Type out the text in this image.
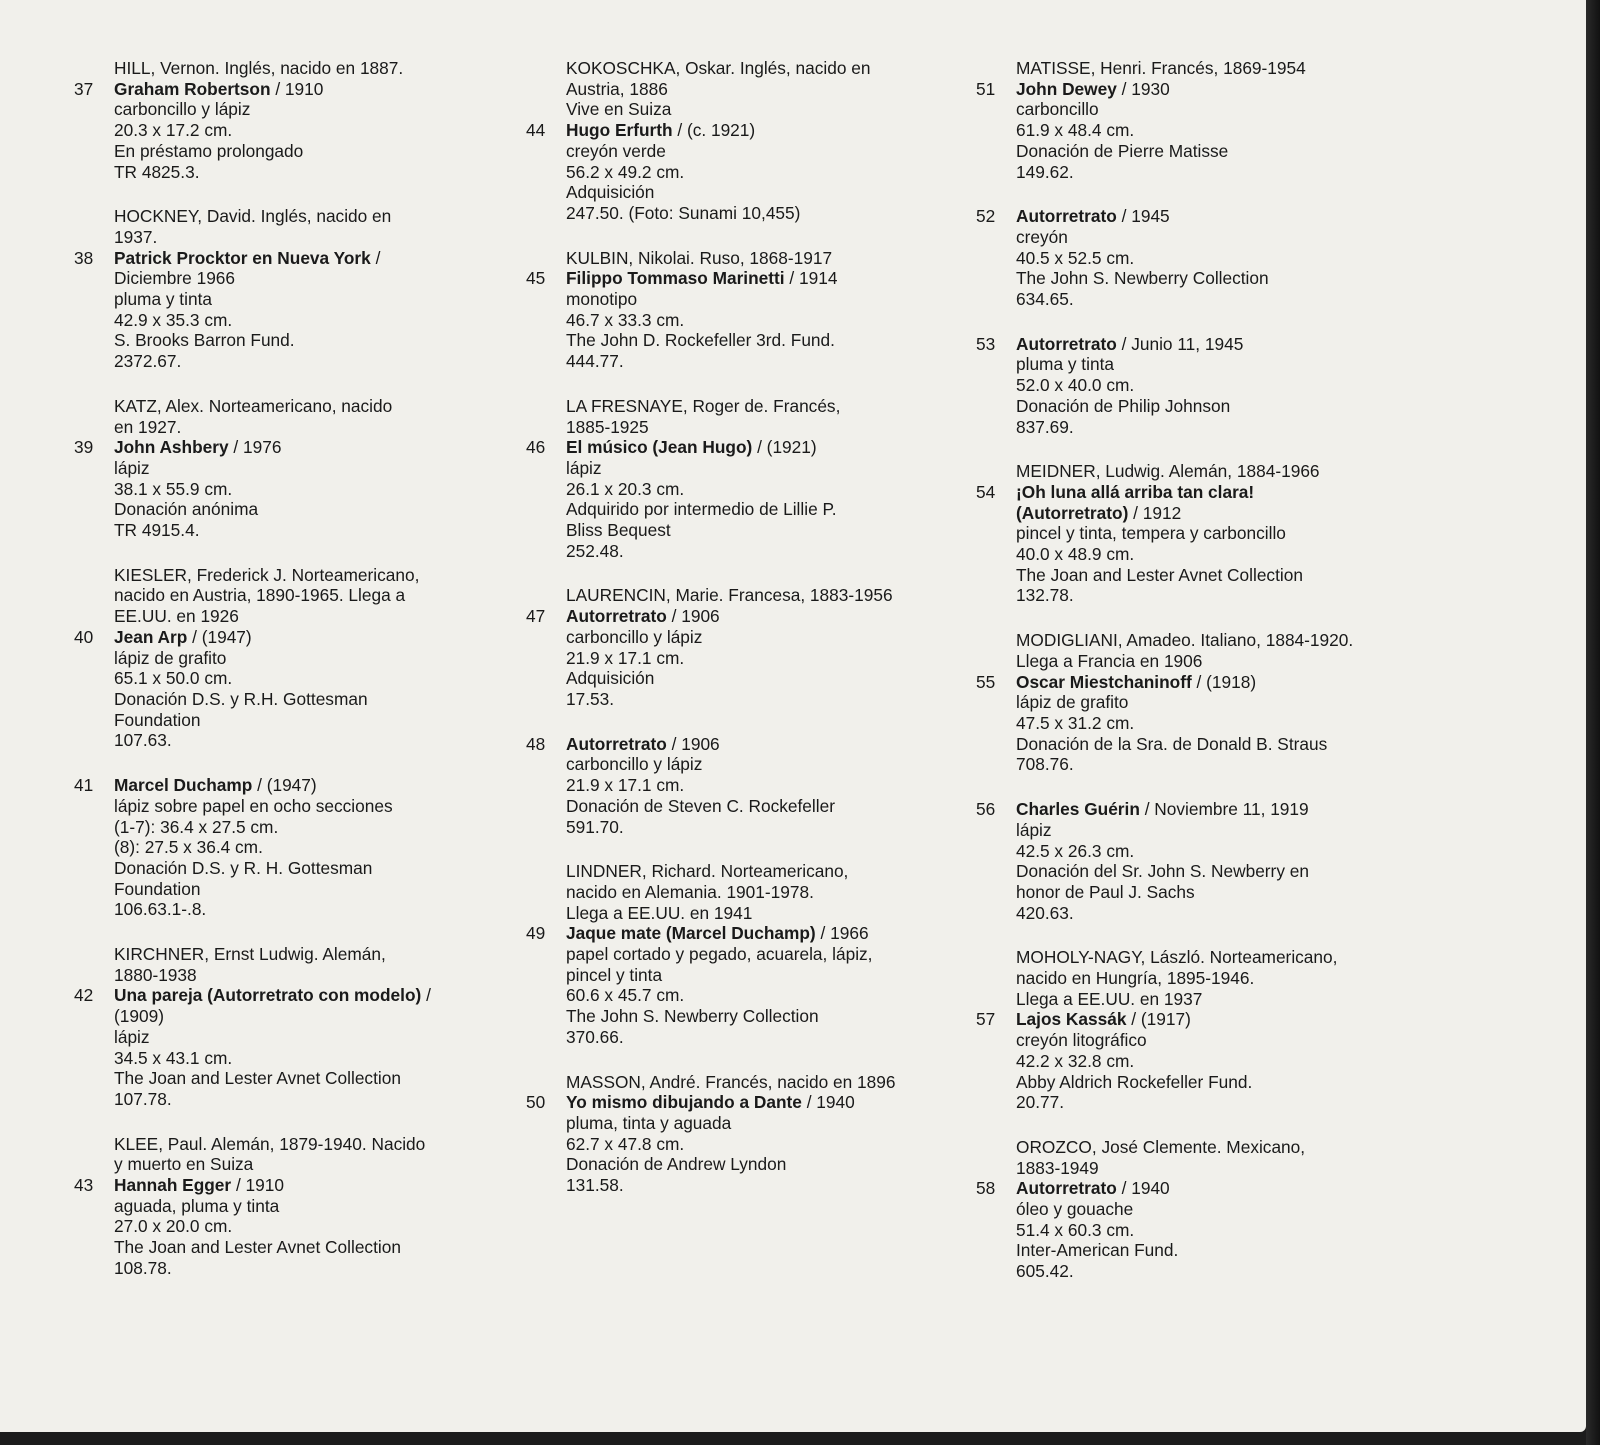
HILL, Vernon. Inglés, nacido en 1887.
37 Graham Robertson / 1910
carboncillo y lápiz
20.3 x 17.2 cm.
En préstamo prolongado
TR 4825.3.
HOCKNEY, David. Inglés, nacido en
1937.
38 Patrick Procktor en Nueva York /
Diciembre 1966
pluma y tinta
42.9 x 35.3 cm.
S. Brooks Barron Fund.
2372.67.
KATZ, Alex. Norteamericano, nacido
en 1927.
39 John Ashbery / 1976
lápiz
38.1 x 55.9 cm.
Donación anónima
TR 4915.4.
KIESLER, Frederick J. Norteamericano,
nacido en Austria, 1890-1965. Llega a
EE.UU. en 1926
40 Jean Arp / (1947)
lápiz de grafito
65.1 x 50.0 cm.
Donación D.S. y R.H. Gottesman
Foundation
107.63.
41 Marcel Duchamp / (1947)
lápiz sobre papel en ocho secciones
(1-7): 36.4 x 27.5 cm.
(8): 27.5 x 36.4 cm.
Donación D.S. y R. H. Gottesman
Foundation
106.63.1-.8.
KIRCHNER, Ernst Ludwig. Alemán,
1880-1938
42 Una pareja (Autorretrato con modelo) /
(1909)
lápiz
34.5 x 43.1 cm.
The Joan and Lester Avnet Collection
107.78.
KLEE, Paul. Alemán, 1879-1940. Nacido
y muerto en Suiza
43 Hannah Egger / 1910
aguada, pluma y tinta
27.0 x 20.0 cm.
The Joan and Lester Avnet Collection
108.78.
KOKOSCHKA, Oskar. Inglés, nacido en
Austria, 1886
Vive en Suiza
44 Hugo Erfurth / (c. 1921)
creyón verde
56.2 x 49.2 cm.
Adquisición
247.50. (Foto: Sunami 10,455)
KULBIN, Nikolai. Ruso, 1868-1917
45 Filippo Tommaso Marinetti / 1914
monotipo
46.7 x 33.3 cm.
The John D. Rockefeller 3rd. Fund.
444.77.
LA FRESNAYE, Roger de. Francés,
1885-1925
46 El músico (Jean Hugo) / (1921)
lápiz
26.1 x 20.3 cm.
Adquirido por intermedio de Lillie P.
Bliss Bequest
252.48.
LAURENCIN, Marie. Francesa, 1883-1956
47 Autorretrato / 1906
carboncillo y lápiz
21.9 x 17.1 cm.
Adquisición
17.53.
48 Autorretrato / 1906
carboncillo y lápiz
21.9 x 17.1 cm.
Donación de Steven C. Rockefeller
591.70.
LINDNER, Richard. Norteamericano,
nacido en Alemania. 1901-1978.
Llega a EE.UU. en 1941
49 Jaque mate (Marcel Duchamp) / 1966
papel cortado y pegado, acuarela, lápiz,
pincel y tinta
60.6 x 45.7 cm.
The John S. Newberry Collection
370.66.
MASSON, André. Francés, nacido en 1896
50 Yo mismo dibujando a Dante / 1940
pluma, tinta y aguada
62.7 x 47.8 cm.
Donación de Andrew Lyndon
131.58.
MATISSE, Henri. Francés, 1869-1954
51 John Dewey / 1930
carboncillo
61.9 x 48.4 cm.
Donación de Pierre Matisse
149.62.
52 Autorretrato / 1945
creyón
40.5 x 52.5 cm.
The John S. Newberry Collection
634.65.
53 Autorretrato / Junio 11, 1945
pluma y tinta
52.0 x 40.0 cm.
Donación de Philip Johnson
837.69.
MEIDNER, Ludwig. Alemán, 1884-1966
54 ¡Oh luna allá arriba tan clara!
(Autorretrato) / 1912
pincel y tinta, tempera y carboncillo
40.0 x 48.9 cm.
The Joan and Lester Avnet Collection
132.78.
MODIGLIANI, Amadeo. Italiano, 1884-1920.
Llega a Francia en 1906
55 Oscar Miestchaninoff / (1918)
lápiz de grafito
47.5 x 31.2 cm.
Donación de la Sra. de Donald B. Straus
708.76.
56 Charles Guérin / Noviembre 11, 1919
lápiz
42.5 x 26.3 cm.
Donación del Sr. John S. Newberry en
honor de Paul J. Sachs
420.63.
MOHOLY-NAGY, László. Norteamericano,
nacido en Hungría, 1895-1946.
Llega a EE.UU. en 1937
57 Lajos Kassák / (1917)
creyón litográfico
42.2 x 32.8 cm.
Abby Aldrich Rockefeller Fund.
20.77.
OROZCO, José Clemente. Mexicano,
1883-1949
58 Autorretrato / 1940
óleo y gouache
51.4 x 60.3 cm.
Inter-American Fund.
605.42.
